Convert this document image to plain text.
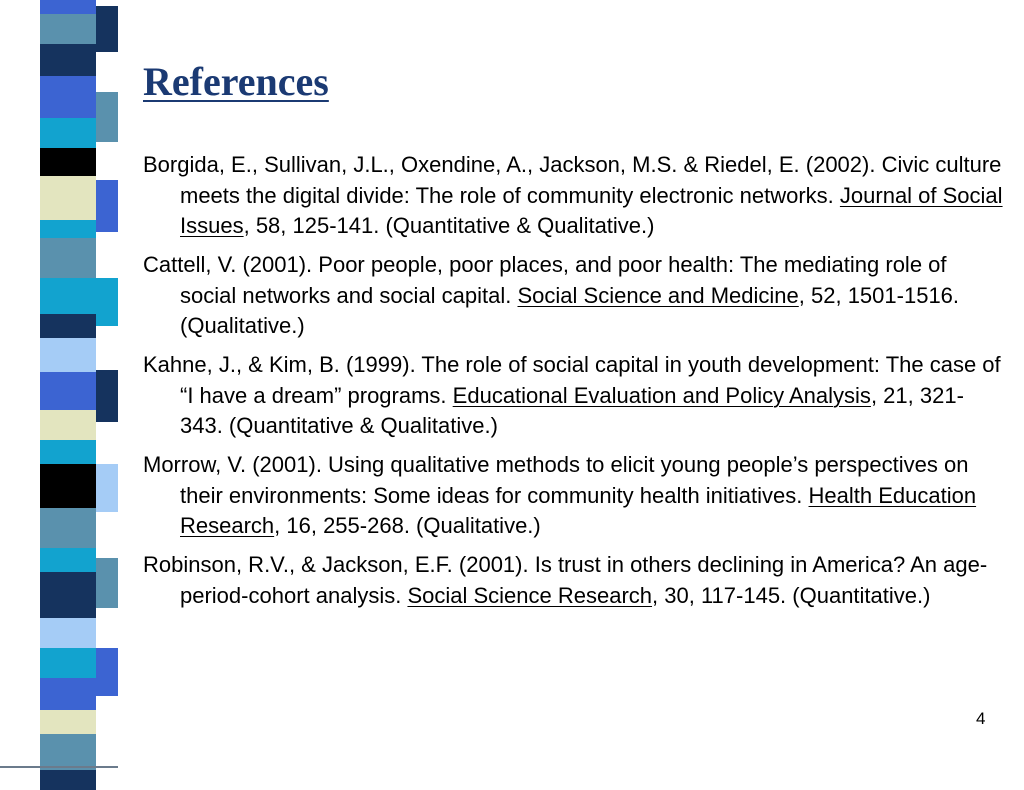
References

Borgida, E., Sullivan, J.L., Oxendine, A., Jackson, M.S. & Riedel, E. (2002). Civic culture meets the digital divide: The role of community electronic networks. Journal of Social Issues, 58, 125-141. (Quantitative & Qualitative.)

Cattell, V. (2001). Poor people, poor places, and poor health: The mediating role of social networks and social capital. Social Science and Medicine, 52, 1501-1516. (Qualitative.)

Kahne, J., & Kim, B. (1999). The role of social capital in youth development: The case of “I have a dream” programs. Educational Evaluation and Policy Analysis, 21, 321-343. (Quantitative & Qualitative.)

Morrow, V. (2001). Using qualitative methods to elicit young people’s perspectives on their environments: Some ideas for community health initiatives. Health Education Research, 16, 255-268. (Qualitative.)

Robinson, R.V., & Jackson, E.F. (2001). Is trust in others declining in America? An age-period-cohort analysis. Social Science Research, 30, 117-145. (Quantitative.)

4
